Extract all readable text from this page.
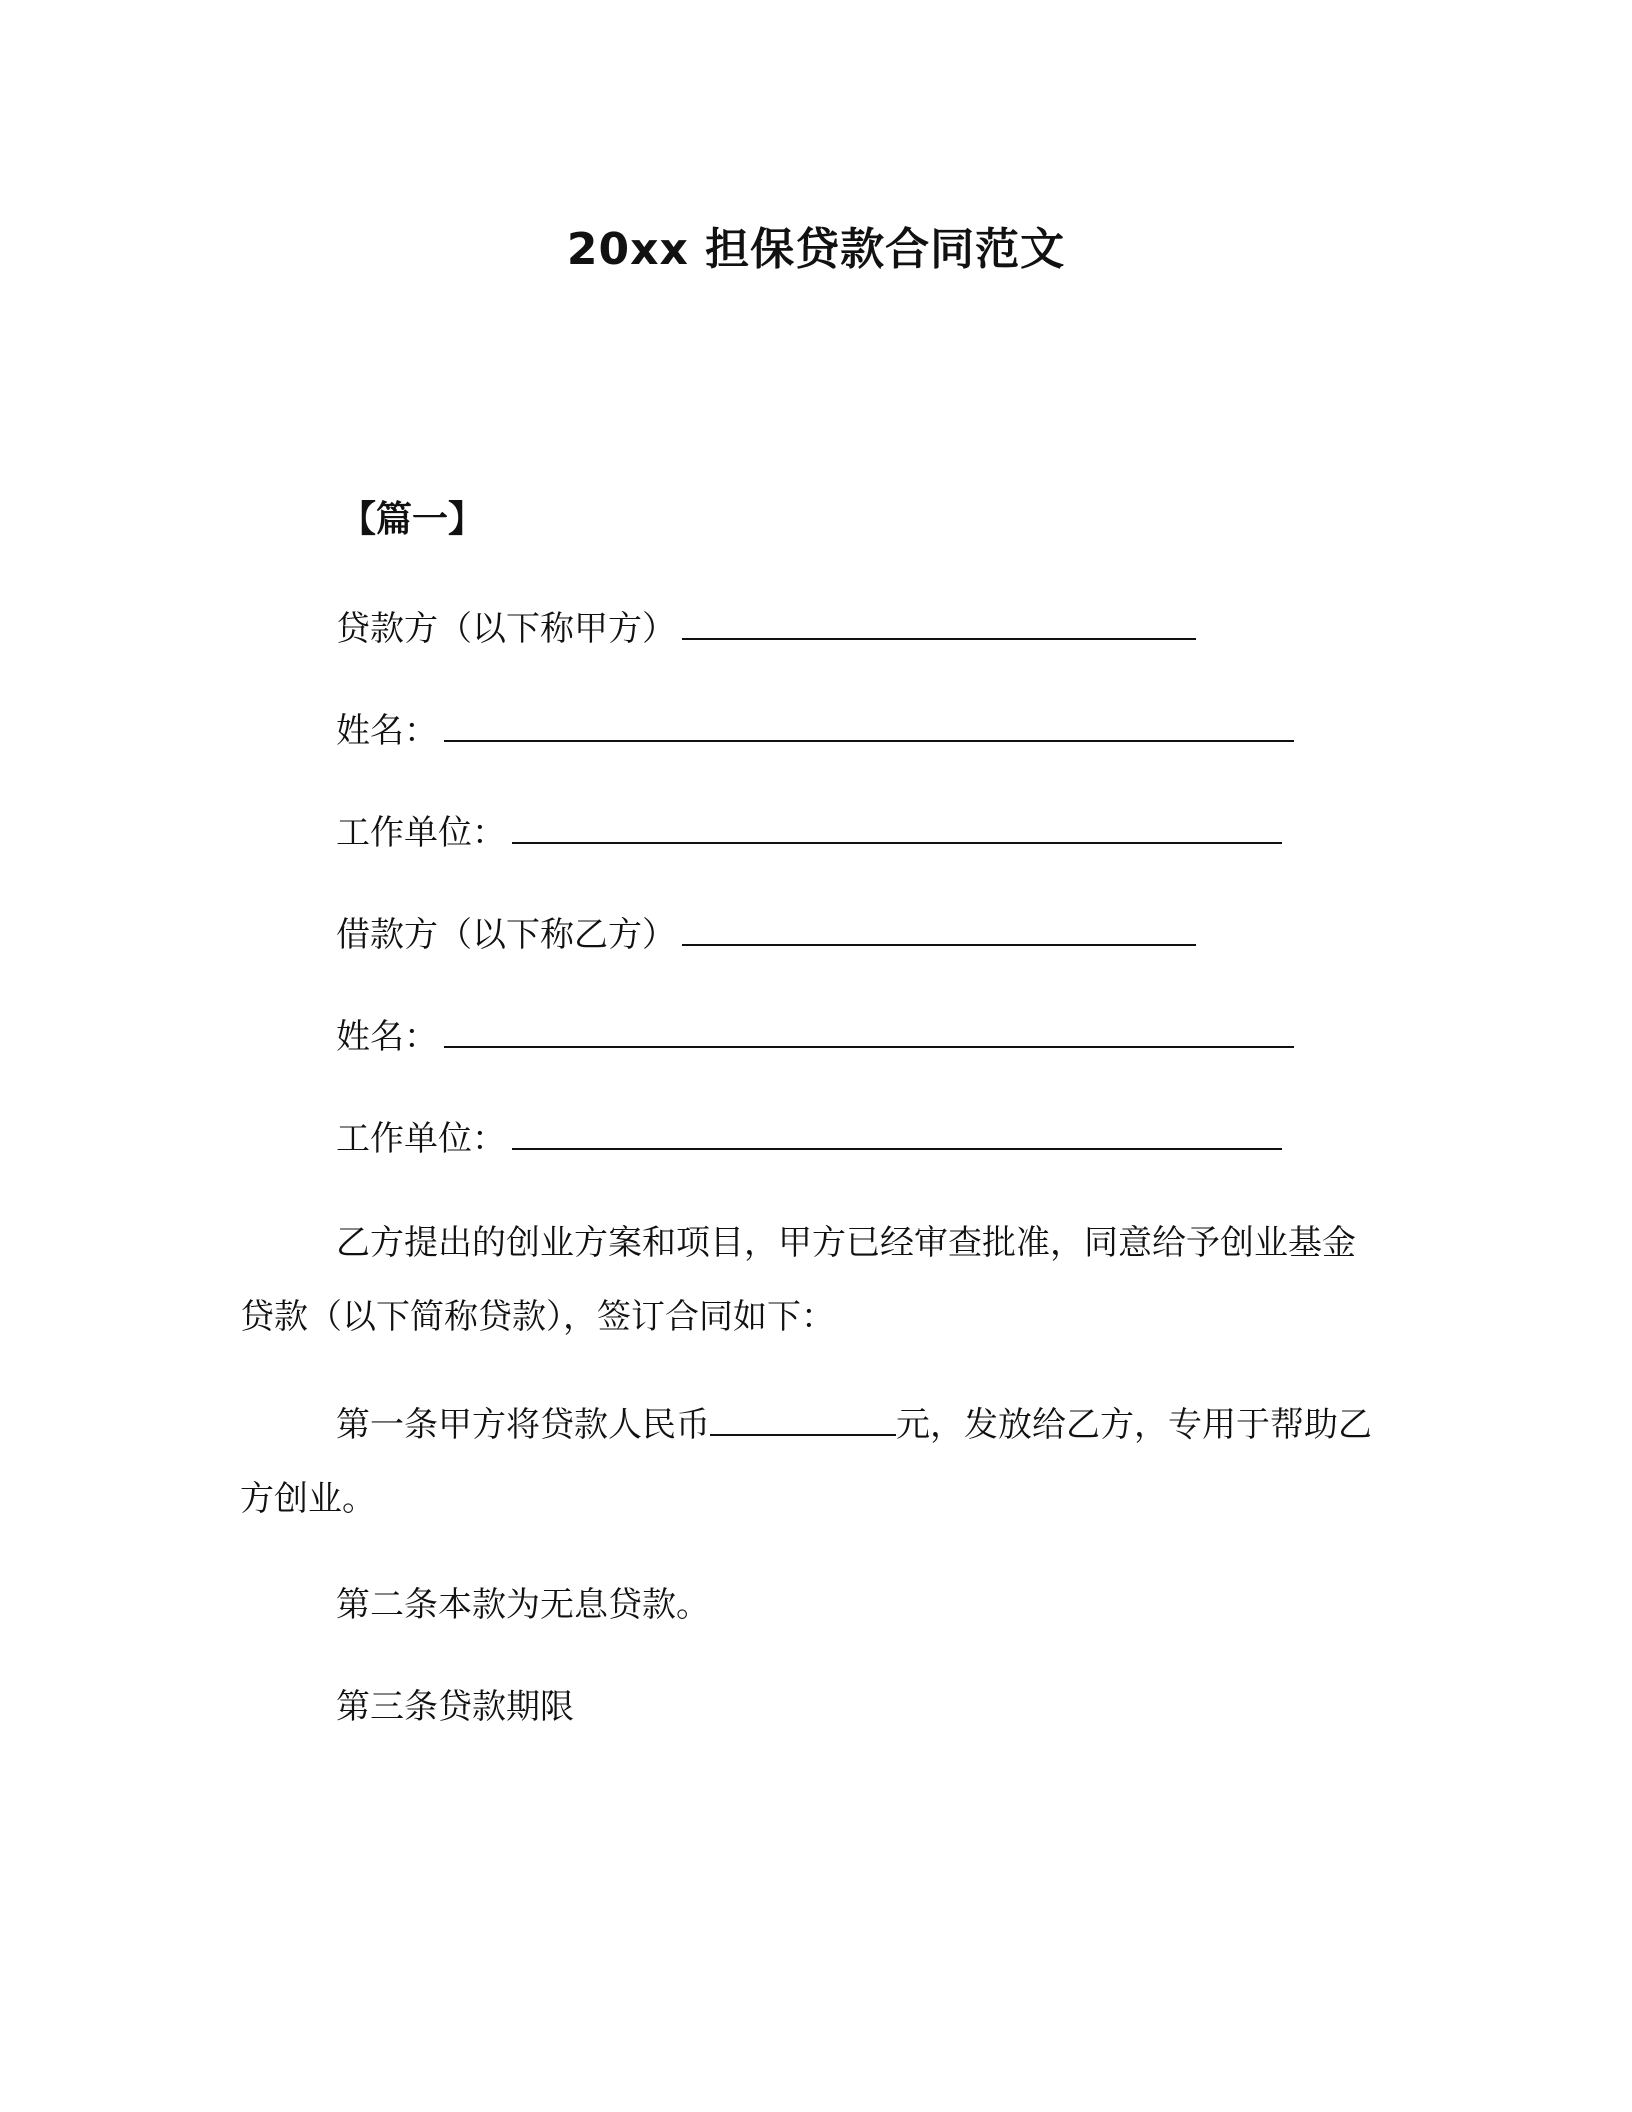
20xx 担保贷款合同范文
【篇一】
贷款方（以下称甲方）
姓名：
工作单位：
借款方（以下称乙方）
姓名：
工作单位：

乙方提出的创业方案和项目，甲方已经审查批准，同意给予创业基金贷款（以下简称贷款），签订合同如下：

第一条甲方将贷款人民币	元，发放给乙方，专用于帮助乙方创业。

第二条本款为无息贷款。

第三条贷款期限
